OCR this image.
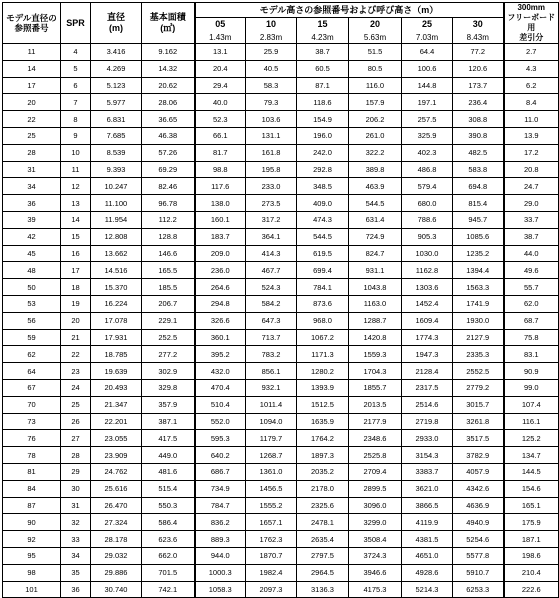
モデル直径の参照番号	SPR	直径
(m)	基本面積
(㎡)	モデル高さの参照番号および呼び高さ（m）						300mm
フリーボード用
差引分
				05	10	15	20	25	30	
				1.43m	2.83m	4.23m	5.63m	7.03m	8.43m	
11	4	3.416	9.162	13.1	25.9	38.7	51.5	64.4	77.2	2.7
14	5	4.269	14.32	20.4	40.5	60.5	80.5	100.6	120.6	4.3
17	6	5.123	20.62	29.4	58.3	87.1	116.0	144.8	173.7	6.2
20	7	5.977	28.06	40.0	79.3	118.6	157.9	197.1	236.4	8.4
22	8	6.831	36.65	52.3	103.6	154.9	206.2	257.5	308.8	11.0
25	9	7.685	46.38	66.1	131.1	196.0	261.0	325.9	390.8	13.9
28	10	8.539	57.26	81.7	161.8	242.0	322.2	402.3	482.5	17.2
31	11	9.393	69.29	98.8	195.8	292.8	389.8	486.8	583.8	20.8
34	12	10.247	82.46	117.6	233.0	348.5	463.9	579.4	694.8	24.7
36	13	11.100	96.78	138.0	273.5	409.0	544.5	680.0	815.4	29.0
39	14	11.954	112.2	160.1	317.2	474.3	631.4	788.6	945.7	33.7
42	15	12.808	128.8	183.7	364.1	544.5	724.9	905.3	1085.6	38.7
45	16	13.662	146.6	209.0	414.3	619.5	824.7	1030.0	1235.2	44.0
48	17	14.516	165.5	236.0	467.7	699.4	931.1	1162.8	1394.4	49.6
50	18	15.370	185.5	264.6	524.3	784.1	1043.8	1303.6	1563.3	55.7
53	19	16.224	206.7	294.8	584.2	873.6	1163.0	1452.4	1741.9	62.0
56	20	17.078	229.1	326.6	647.3	968.0	1288.7	1609.4	1930.0	68.7
59	21	17.931	252.5	360.1	713.7	1067.2	1420.8	1774.3	2127.9	75.8
62	22	18.785	277.2	395.2	783.2	1171.3	1559.3	1947.3	2335.3	83.1
64	23	19.639	302.9	432.0	856.1	1280.2	1704.3	2128.4	2552.5	90.9
67	24	20.493	329.8	470.4	932.1	1393.9	1855.7	2317.5	2779.2	99.0
70	25	21.347	357.9	510.4	1011.4	1512.5	2013.5	2514.6	3015.7	107.4
73	26	22.201	387.1	552.0	1094.0	1635.9	2177.9	2719.8	3261.8	116.1
76	27	23.055	417.5	595.3	1179.7	1764.2	2348.6	2933.0	3517.5	125.2
78	28	23.909	449.0	640.2	1268.7	1897.3	2525.8	3154.3	3782.9	134.7
81	29	24.762	481.6	686.7	1361.0	2035.2	2709.4	3383.7	4057.9	144.5
84	30	25.616	515.4	734.9	1456.5	2178.0	2899.5	3621.0	4342.6	154.6
87	31	26.470	550.3	784.7	1555.2	2325.6	3096.0	3866.5	4636.9	165.1
90	32	27.324	586.4	836.2	1657.1	2478.1	3299.0	4119.9	4940.9	175.9
92	33	28.178	623.6	889.3	1762.3	2635.4	3508.4	4381.5	5254.6	187.1
95	34	29.032	662.0	944.0	1870.7	2797.5	3724.3	4651.0	5577.8	198.6
98	35	29.886	701.5	1000.3	1982.4	2964.5	3946.6	4928.6	5910.7	210.4
101	36	30.740	742.1	1058.3	2097.3	3136.3	4175.3	5214.3	6253.3	222.6
